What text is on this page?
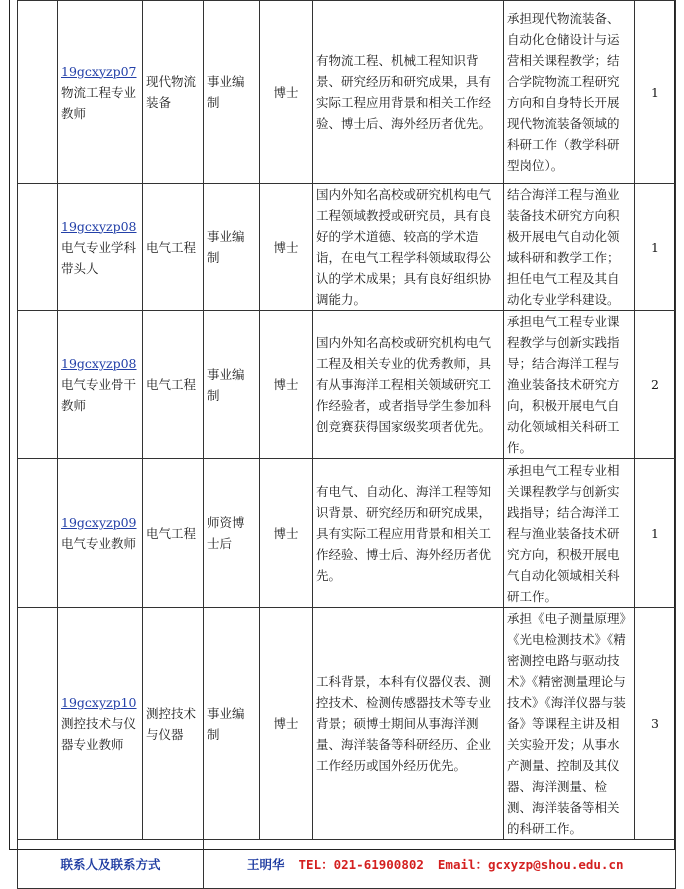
	19gcxyzp07物流工程专业教师	现代物流装备	事业编制	博士	有物流工程、机械工程知识背景、研究经历和研究成果，具有实际工程应用背景和相关工作经验、博士后、海外经历者优先。	承担现代物流装备、自动化仓储设计与运营相关课程教学；结合学院物流工程研究方向和自身特长开展现代物流装备领域的科研工作（教学科研型岗位）。	1
	19gcxyzp08电气专业学科带头人	电气工程	事业编制	博士	国内外知名高校或研究机构电气工程领域教授或研究员，具有良好的学术道德、较高的学术造诣，在电气工程学科领域取得公认的学术成果；具有良好组织协调能力。	结合海洋工程与渔业装备技术研究方向积极开展电气自动化领域科研和教学工作；担任电气工程及其自动化专业学科建设。	1
	19gcxyzp08电气专业骨干教师	电气工程	事业编制	博士	国内外知名高校或研究机构电气工程及相关专业的优秀教师，具有从事海洋工程相关领域研究工作经验者，或者指导学生参加科创竞赛获得国家级奖项者优先。	承担电气工程专业课程教学与创新实践指导；结合海洋工程与渔业装备技术研究方向，积极开展电气自动化领域相关科研工作。	2
	19gcxyzp09电气专业教师	电气工程	师资博士后	博士	有电气、自动化、海洋工程等知识背景、研究经历和研究成果，具有实际工程应用背景和相关工作经验、博士后、海外经历者优先。	承担电气工程专业相关课程教学与创新实践指导；结合海洋工程与渔业装备技术研究方向，积极开展电气自动化领域相关科研工作。	1
	19gcxyzp10测控技术与仪器专业教师	测控技术与仪器	事业编制	博士	工科背景，本科有仪器仪表、测控技术、检测传感器技术等专业背景；硕博士期间从事海洋测量、海洋装备等科研经历、企业工作经历或国外经历优先。	承担《电子测量原理》《光电检测技术》《精密测控电路与驱动技术》《精密测量理论与技术》《海洋仪器与装备》等课程主讲及相关实验开发；从事水产测量、控制及其仪器、海洋测量、检测、海洋装备等相关的科研工作。	3
联系人及联系方式			王明华 TEL：021-61900802 Email：gcxyzp@shou.edu.cn				
